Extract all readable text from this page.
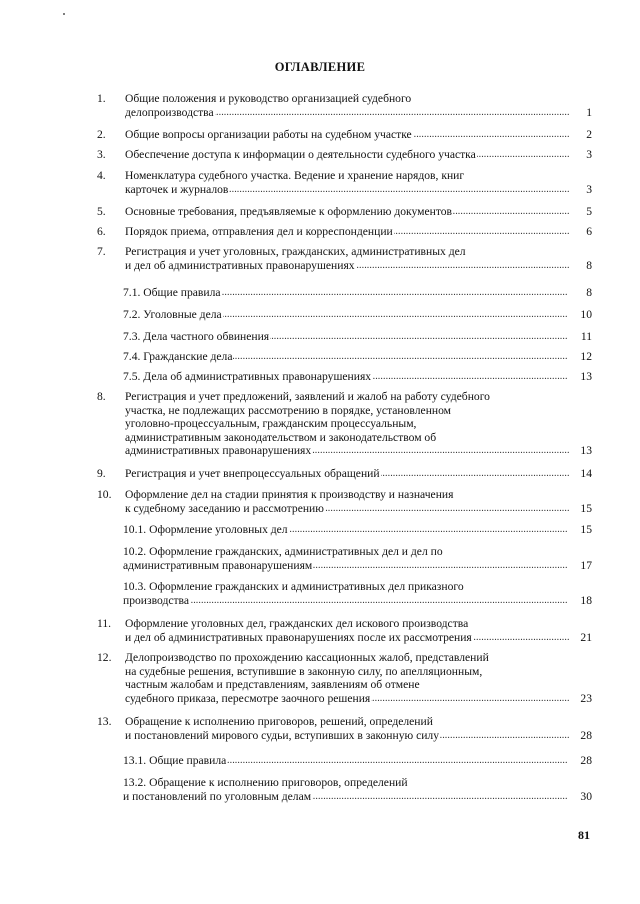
ОГЛАВЛЕНИЕ
1. Общие положения и руководство организацией судебного
делопроизводства . . .	1
2. Общие вопросы организации работы на судебном участке . . .	2
3. Обеспечение доступа к информации о деятельности судебного участка . . .	3
4. Номенклатура судебного участка. Ведение и хранение нарядов, книг
карточек и журналов . . .	3
5. Основные требования, предъявляемые к оформлению документов . . .	5
6. Порядок приема, отправления дел и корреспонденции . . .	6
7. Регистрация и учет уголовных, гражданских, административных дел
и дел об административных правонарушениях . . .	8
7.1. Общие правила . . .	8
7.2. Уголовные дела . . .	10
7.3. Дела частного обвинения . . .	11
7.4. Гражданские дела . . .	12
7.5. Дела об административных правонарушениях . . .	13
8. Регистрация и учет предложений, заявлений и жалоб на работу судебного
участка, не подлежащих рассмотрению в порядке, установленном
уголовно-процессуальным, гражданским процессуальным,
административным законодательством и законодательством об
административных правонарушениях . . .	13
9. Регистрация и учет внепроцессуальных обращений . . .	14
10. Оформление дел на стадии принятия к производству и назначения
к судебному заседанию и рассмотрению . . .	15
10.1. Оформление уголовных дел . . .	15
10.2. Оформление гражданских, административных дел и дел по
административным правонарушениям . . .	17
10.3. Оформление гражданских и административных дел приказного
производства . . .	18
11. Оформление уголовных дел, гражданских дел искового производства
и дел об административных правонарушениях после их рассмотрения . . .	21
12. Делопроизводство по прохождению кассационных жалоб, представлений
на судебные решения, вступившие в законную силу, по апелляционным,
частным жалобам и представлениям, заявлениям об отмене
судебного приказа, пересмотре заочного решения . . .	23
13. Обращение к исполнению приговоров, решений, определений
и постановлений мирового судьи, вступивших в законную силу . . .	28
13.1. Общие правила . . .	28
13.2. Обращение к исполнению приговоров, определений
и постановлений по уголовным делам . . .	30
81
